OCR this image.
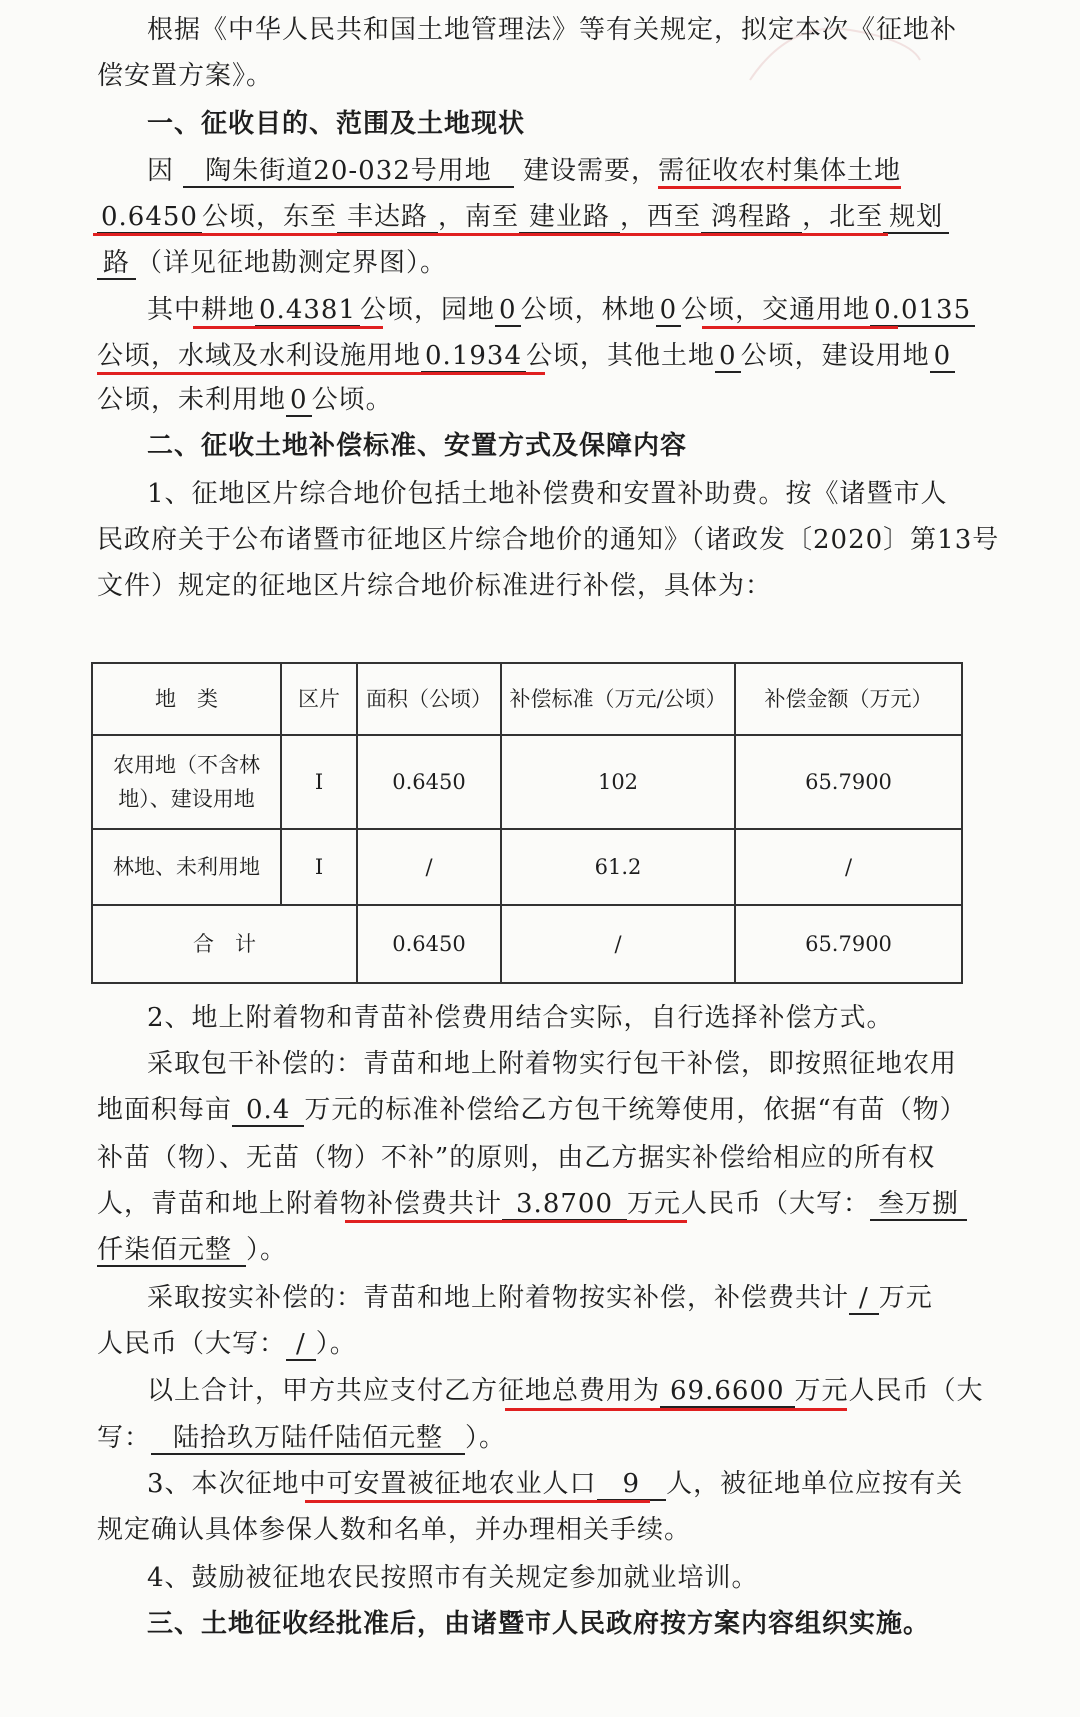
根据《中华人民共和国土地管理法》等有关规定，拟定本次《征地补
偿安置方案》。
一、征收目的、范围及土地现状
因 陶朱街道20-032号用地 建设需要，需征收农村集体土地
0.6450 公顷，东至 丰达路 ，南至 建业路 ，西至 鸿程路 ，北至 规划
路 （详见征地勘测定界图）。
其中耕地 0.4381 公顷，园地 0 公顷，林地 0 公顷，交通用地 0.0135
公顷，水域及水利设施用地 0.1934 公顷，其他土地 0 公顷，建设用地 0
公顷，未利用地 0 公顷。
二、征收土地补偿标准、安置方式及保障内容
1、征地区片综合地价包括土地补偿费和安置补助费。按《诸暨市人
民政府关于公布诸暨市征地区片综合地价的通知》（诸政发〔2020〕第13号
文件）规定的征地区片综合地价标准进行补偿，具体为：
地　类	区片	面积（公顷）	补偿标准（万元/公顷）	补偿金额（万元）

农用地（不含林
地）、建设用地	I	0.6450	102	65.7900
林地、未利用地	I	/	61.2	/
合　计		0.6450	/	65.7900
2、地上附着物和青苗补偿费用结合实际，自行选择补偿方式。
采取包干补偿的：青苗和地上附着物实行包干补偿，即按照征地农用
地面积每亩 0.4 万元的标准补偿给乙方包干统筹使用，依据“有苗（物）
补苗（物）、无苗（物）不补”的原则，由乙方据实补偿给相应的所有权
人，青苗和地上附着物补偿费共计 3.8700 万元人民币（大写： 叁万捌
仟柒佰元整 ）。
采取按实补偿的：青苗和地上附着物按实补偿，补偿费共计 / 万元
人民币（大写： / ）。
以上合计，甲方共应支付乙方征地总费用为 69.6600 万元人民币（大
写： 陆拾玖万陆仟陆佰元整 ）。
3、本次征地中可安置被征地农业人口 9 人，被征地单位应按有关
规定确认具体参保人数和名单，并办理相关手续。
4、鼓励被征地农民按照市有关规定参加就业培训。
三、土地征收经批准后，由诸暨市人民政府按方案内容组织实施。
